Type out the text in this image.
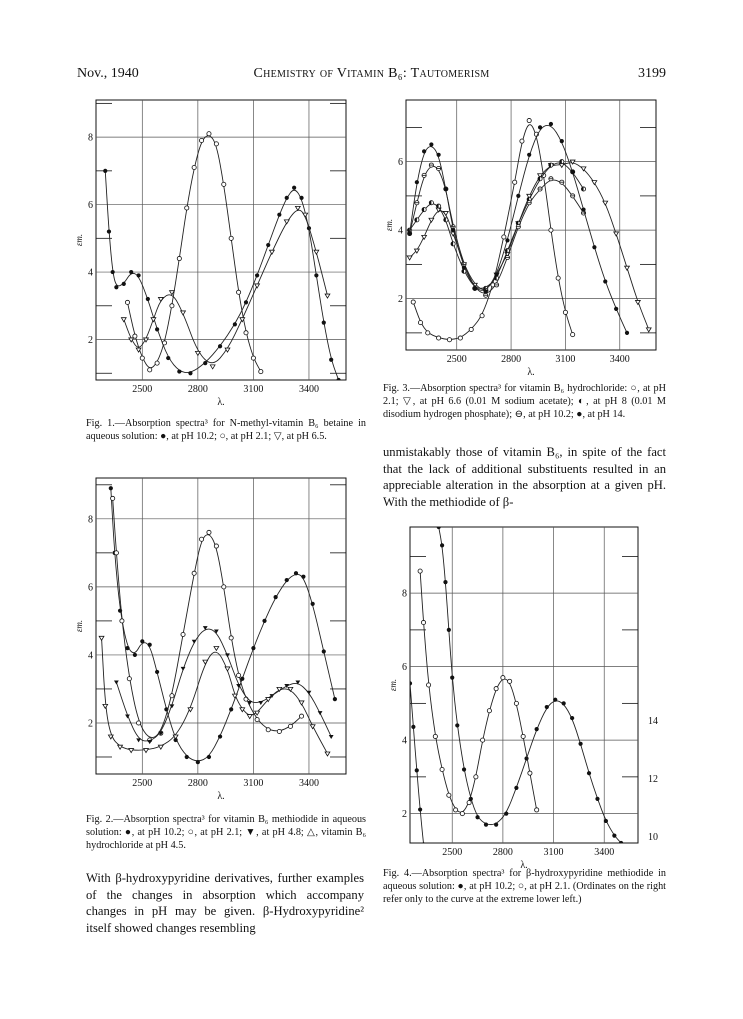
Nov., 1940	Chemistry of Vitamin B₆: Tautomerism	3199
2500	2800	3100	3400
2
4
6
8
λ.
εm.
Fig. 1.—Absorption spectra³ for N-methyl-vitamin B₆ betaine in aqueous solution: ●, at pH 10.2; ○, at pH 2.1; ▽, at pH 6.5.
2500	2800	3100	3400
2
4
6
8
λ.
εm.
Fig. 2.—Absorption spectra³ for vitamin B₆ methiodide in aqueous solution: ●, at pH 10.2; ○, at pH 2.1; ▼, at pH 4.8; △, vitamin B₆ hydrochloride at pH 4.5.
With β-hydroxypyridine derivatives, further examples of the changes in absorption which accompany changes in pH may be given. β-Hydroxypyridine² itself showed changes resembling
2500	2800	3100	3400
2
4
6
λ.
εm.
Fig. 3.—Absorption spectra³ for vitamin B₆ hydrochloride: ○, at pH 2.1; ▽, at pH 6.6 (0.01 M sodium acetate); ◐, at pH 8 (0.01 M disodium hydrogen phosphate); ⊖, at pH 10.2; ●, at pH 14.
unmistakably those of vitamin B₆, in spite of the fact that the lack of additional substituents resulted in an appreciable alteration in the absorption at a given pH. With the methiodide of β-
2500	2800	3100	3400
2
4
6
8
10
12
14
λ.
εm.
Fig. 4.—Absorption spectra³ for β-hydroxypyridine methiodide in aqueous solution: ●, at pH 10.2; ○, at pH 2.1. (Ordinates on the right refer only to the curve at the extreme lower left.)
